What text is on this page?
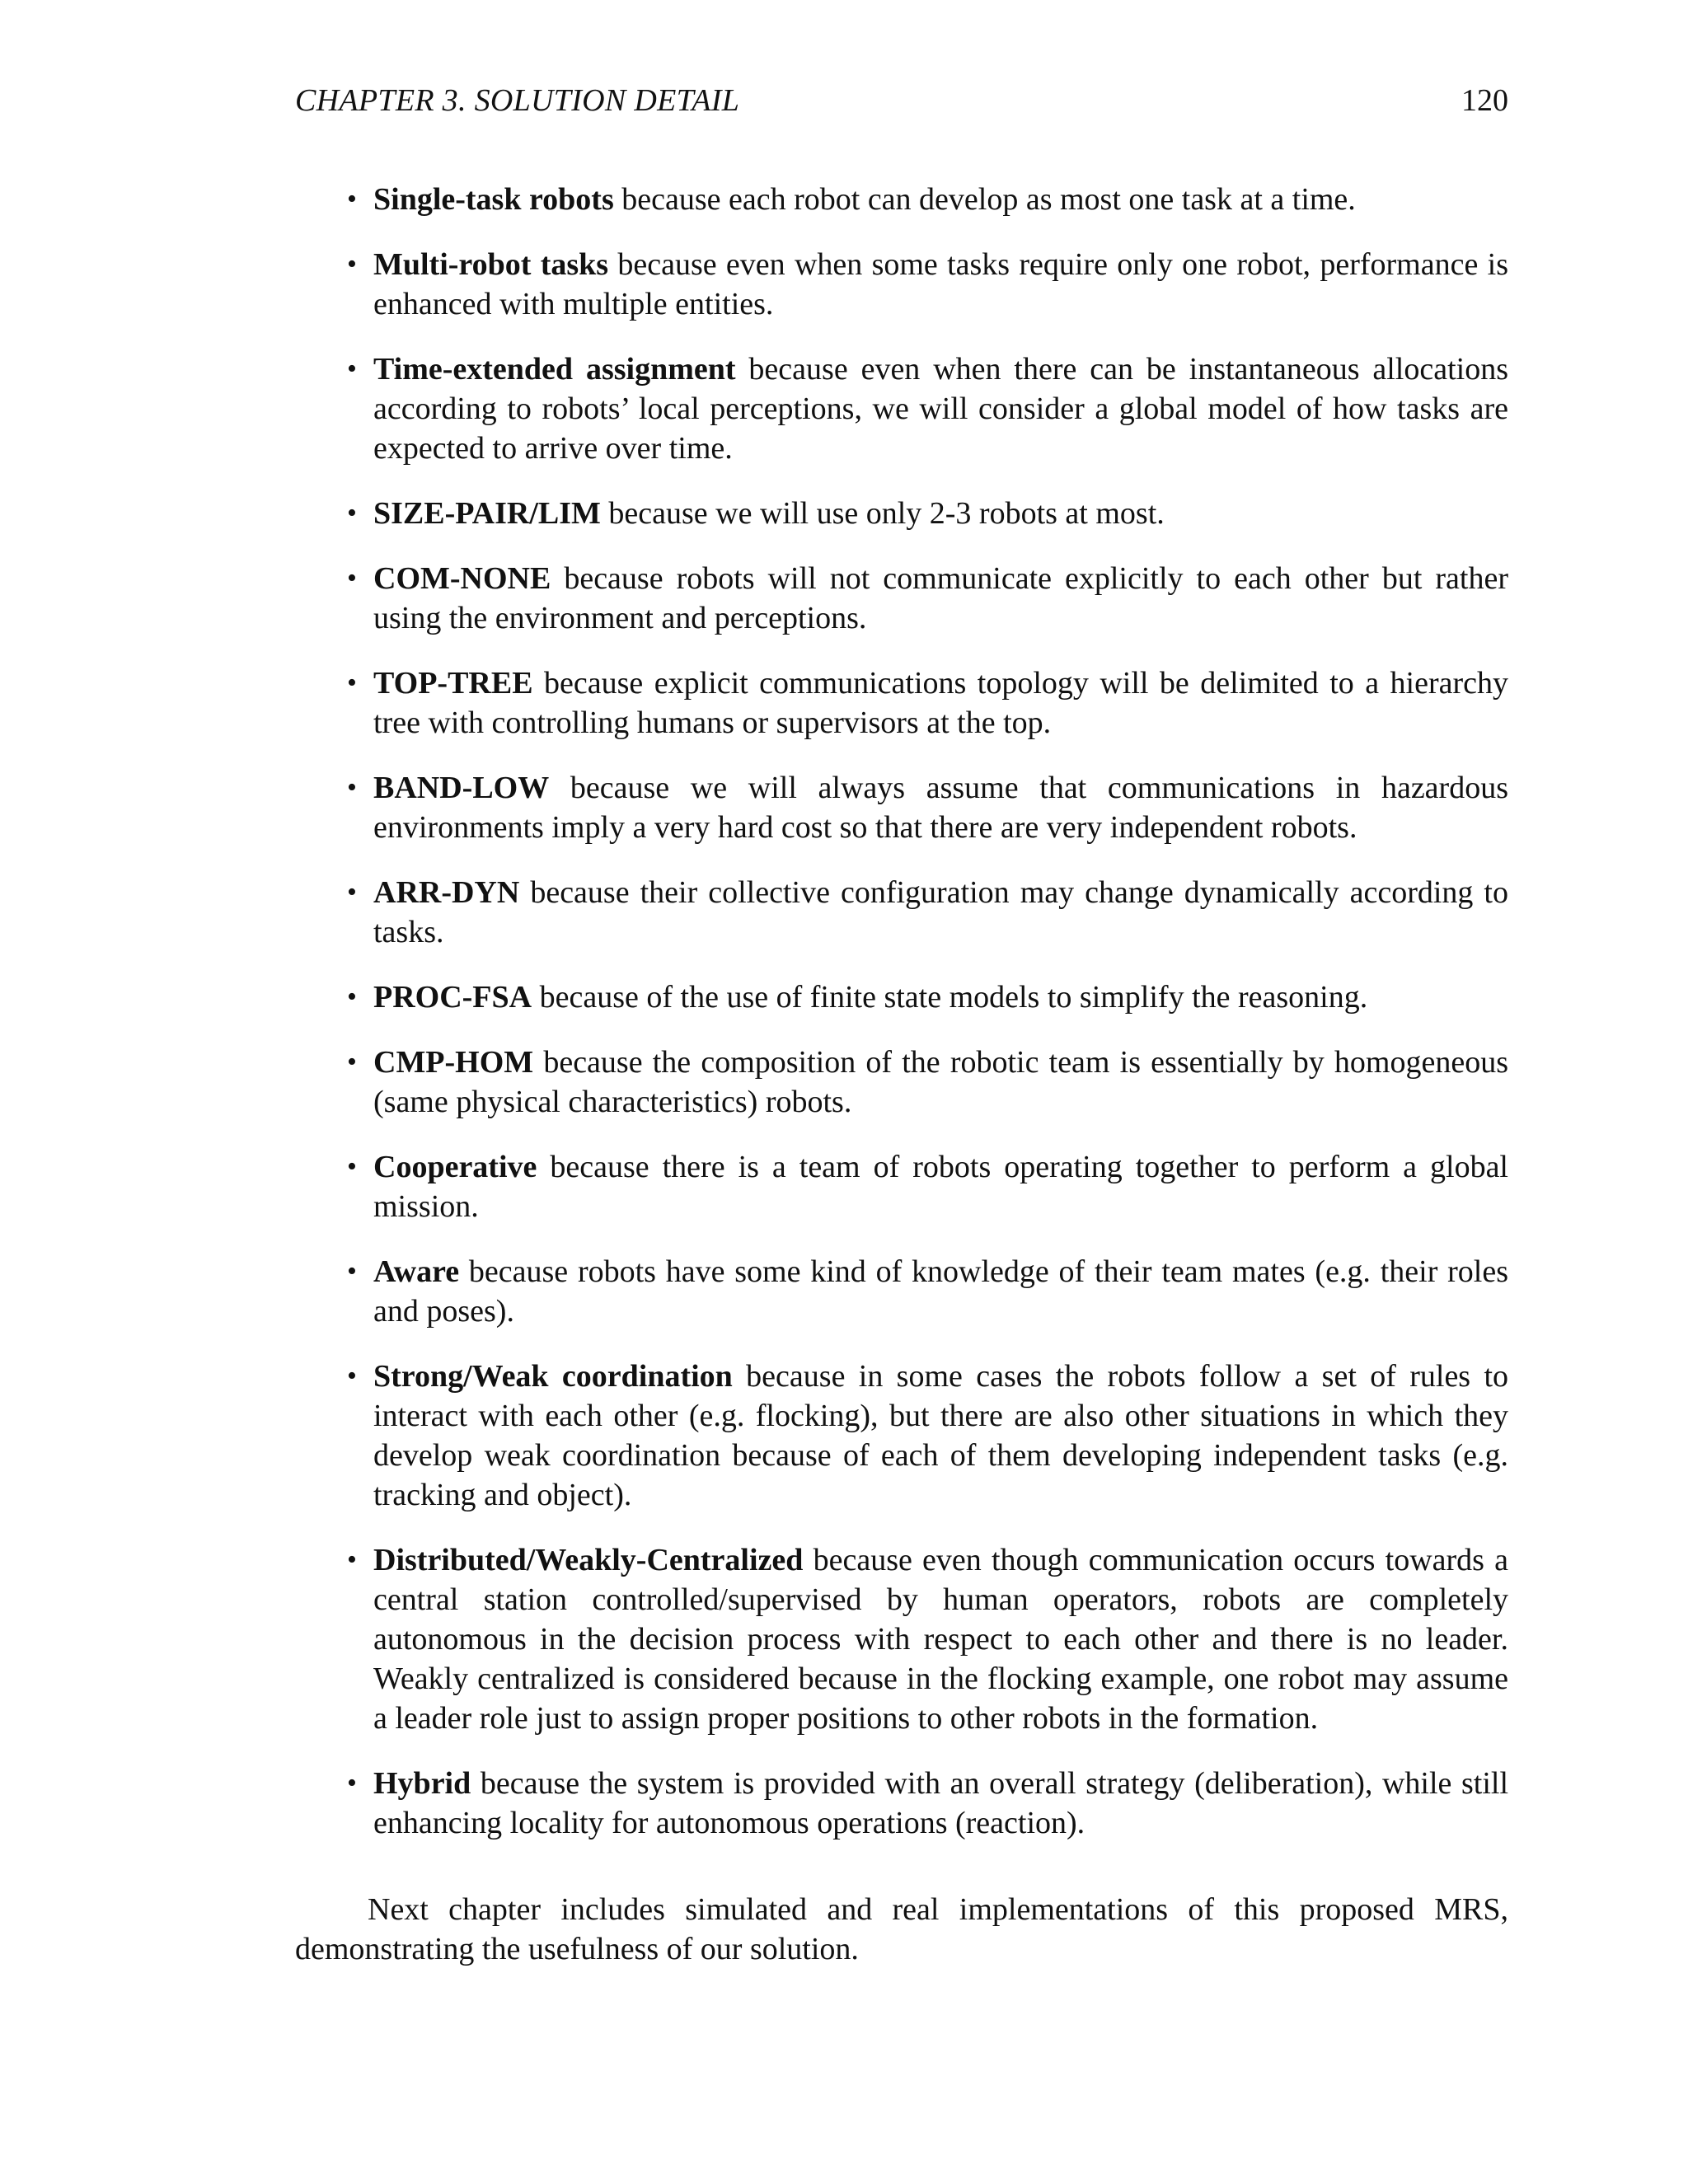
CHAPTER 3. SOLUTION DETAIL	120
• Single-task robots because each robot can develop as most one task at a time.
• Multi-robot tasks because even when some tasks require only one robot, performance is enhanced with multiple entities.
• Time-extended assignment because even when there can be instantaneous allocations according to robots’ local perceptions, we will consider a global model of how tasks are expected to arrive over time.
• SIZE-PAIR/LIM because we will use only 2-3 robots at most.
• COM-NONE because robots will not communicate explicitly to each other but rather using the environment and perceptions.
• TOP-TREE because explicit communications topology will be delimited to a hierarchy tree with controlling humans or supervisors at the top.
• BAND-LOW because we will always assume that communications in hazardous environments imply a very hard cost so that there are very independent robots.
• ARR-DYN because their collective configuration may change dynamically according to tasks.
• PROC-FSA because of the use of finite state models to simplify the reasoning.
• CMP-HOM because the composition of the robotic team is essentially by homogeneous (same physical characteristics) robots.
• Cooperative because there is a team of robots operating together to perform a global mission.
• Aware because robots have some kind of knowledge of their team mates (e.g. their roles and poses).
• Strong/Weak coordination because in some cases the robots follow a set of rules to interact with each other (e.g. flocking), but there are also other situations in which they develop weak coordination because of each of them developing independent tasks (e.g. tracking and object).
• Distributed/Weakly-Centralized because even though communication occurs towards a central station controlled/supervised by human operators, robots are completely autonomous in the decision process with respect to each other and there is no leader. Weakly centralized is considered because in the flocking example, one robot may assume a leader role just to assign proper positions to other robots in the formation.
• Hybrid because the system is provided with an overall strategy (deliberation), while still enhancing locality for autonomous operations (reaction).

Next chapter includes simulated and real implementations of this proposed MRS, demonstrating the usefulness of our solution.
